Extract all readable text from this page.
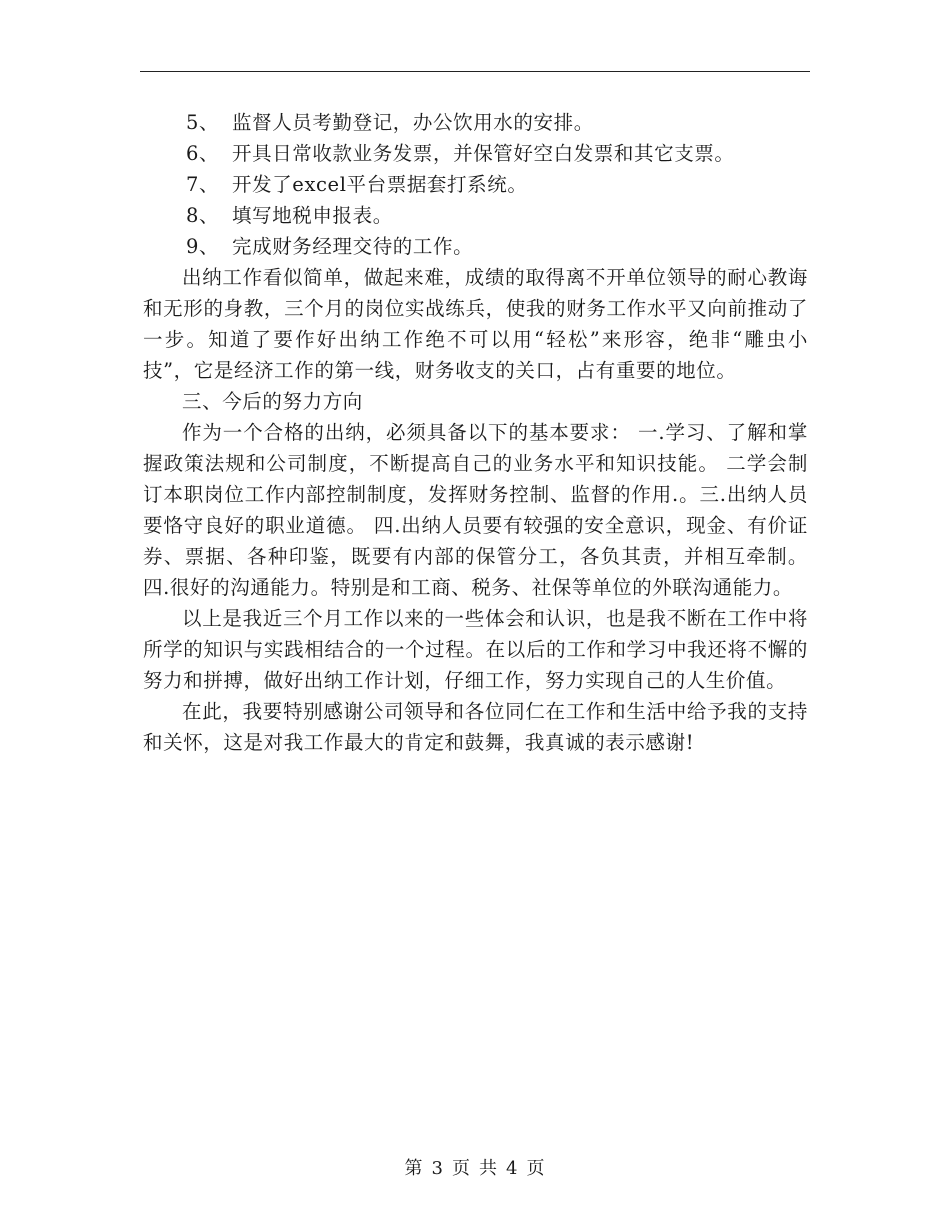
5、 监督人员考勤登记，办公饮用水的安排。
6、 开具日常收款业务发票，并保管好空白发票和其它支票。
7、 开发了excel平台票据套打系统。
8、 填写地税申报表。
9、 完成财务经理交待的工作。

出纳工作看似简单，做起来难，成绩的取得离不开单位领导的耐心教诲和无形的身教，三个月的岗位实战练兵，使我的财务工作水平又向前推动了一步。知道了要作好出纳工作绝不可以用“轻松”来形容，绝非“雕虫小技”，它是经济工作的第一线，财务收支的关口，占有重要的地位。

三、今后的努力方向

作为一个合格的出纳，必须具备以下的基本要求： 一.学习、了解和掌握政策法规和公司制度，不断提高自己的业务水平和知识技能。 二学会制订本职岗位工作内部控制制度，发挥财务控制、监督的作用.。三.出纳人员要恪守良好的职业道德。 四.出纳人员要有较强的安全意识，现金、有价证券、票据、各种印鉴，既要有内部的保管分工，各负其责，并相互牵制。四.很好的沟通能力。特别是和工商、税务、社保等单位的外联沟通能力。

以上是我近三个月工作以来的一些体会和认识，也是我不断在工作中将所学的知识与实践相结合的一个过程。在以后的工作和学习中我还将不懈的努力和拼搏，做好出纳工作计划，仔细工作，努力实现自己的人生价值。

在此，我要特别感谢公司领导和各位同仁在工作和生活中给予我的支持和关怀，这是对我工作最大的肯定和鼓舞，我真诚的表示感谢!

第 3 页 共 4 页
